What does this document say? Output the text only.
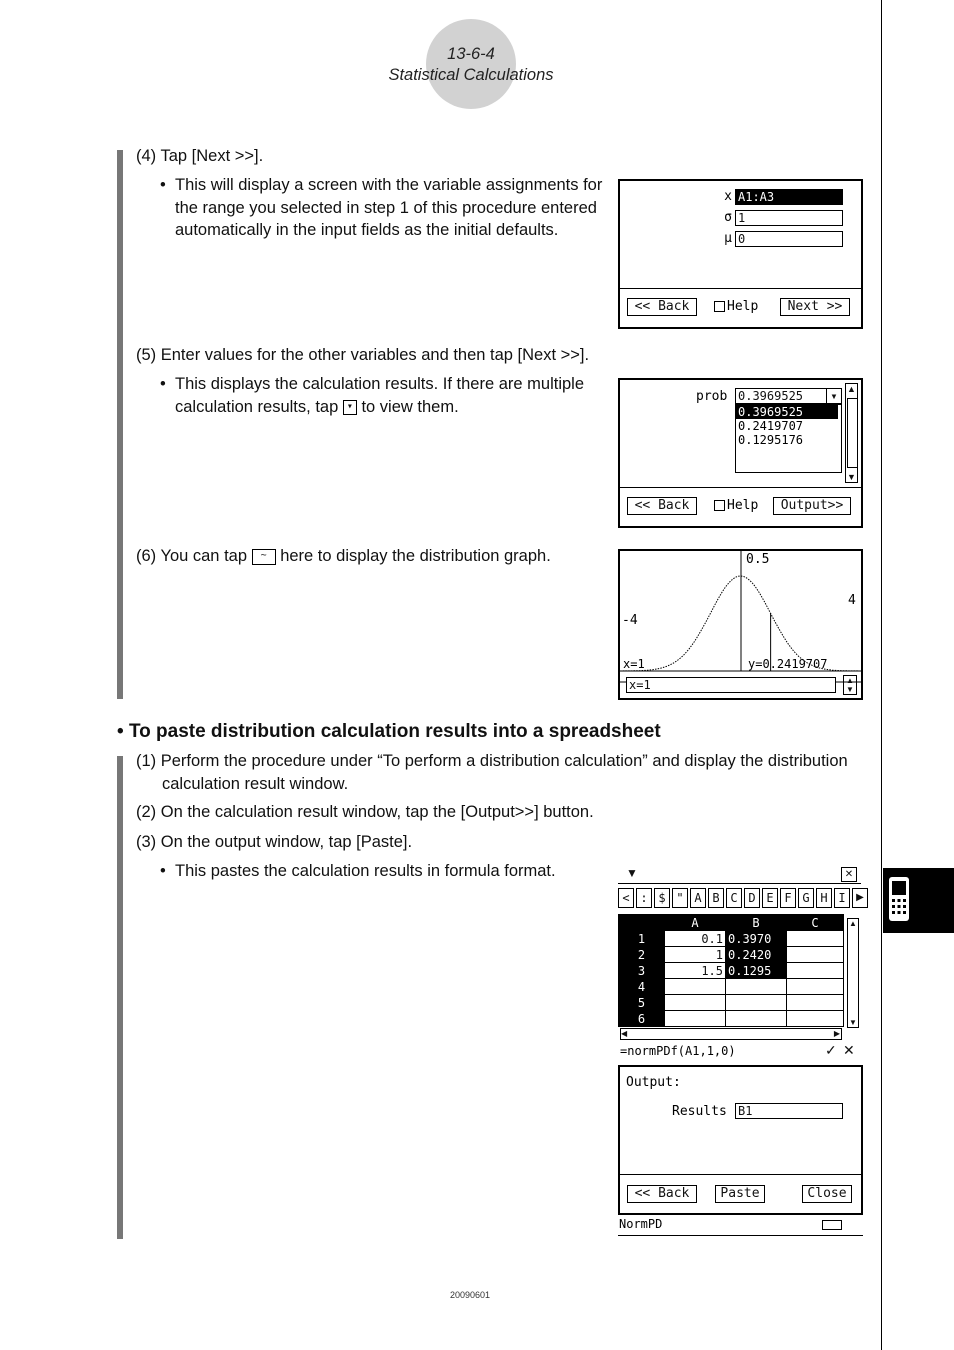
13-6-4
Statistical Calculations
(4) Tap [Next >>].
• This will display a screen with the variable assignments for the range you selected in step 1 of this procedure entered automatically in the input fields as the initial defaults.
x A1:A3
σ 1
μ 0
<< Back	Help	Next >>
(5) Enter values for the other variables and then tap [Next >>].
• This displays the calculation results. If there are multiple calculation results, tap ▾ to view them.
prob 0.3969525	▾
0.3969525
0.2419707
0.1295176
▲
▼
<< Back	Help	Output>>
(6) You can tap ~ here to display the distribution graph.	0.5
-4
4
x=1	y=0.2419707
x=1	▲
▼
• To paste distribution calculation results into a spreadsheet
(1) Perform the procedure under “To perform a distribution calculation” and display the distribution calculation result window.
(2) On the calculation result window, tap the [Output>>] button.
(3) On the output window, tap [Paste].
• This pastes the calculation results in formula format.	▼	✕
< : $ " A B C D E F G H I	▶
	A	B	C
1	0.1	0.3970	
2	1	0.2420	
3	1.5	0.1295	
4			
5			
6			
▲
▼
◀	▶
=normPDf(A1,1,0)	✓ ✕
Output:
Results B1
<< Back	Paste	Close
NormPD
20090601
